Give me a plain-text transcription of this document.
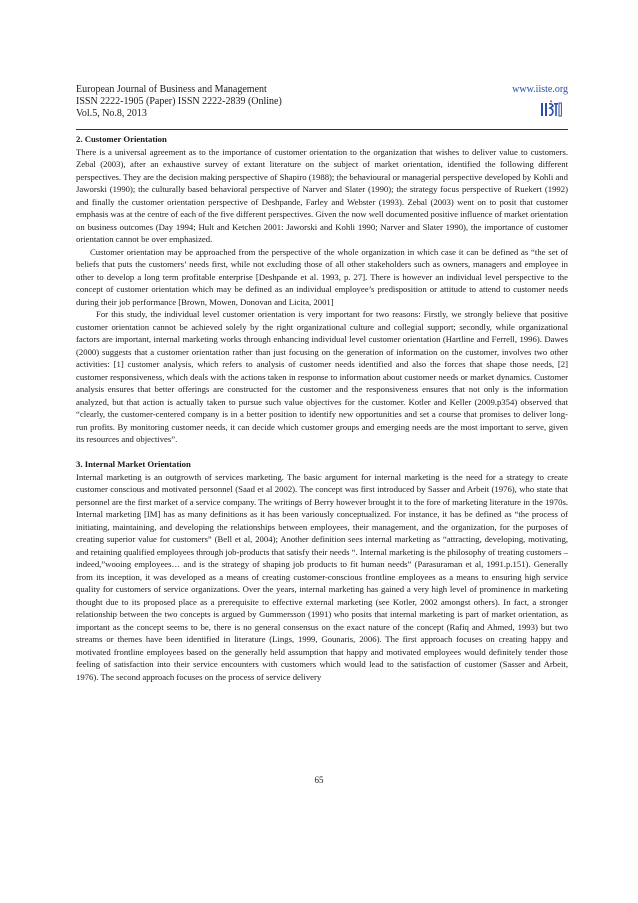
European Journal of Business and Management
ISSN 2222-1905 (Paper) ISSN 2222-2839 (Online)
Vol.5, No.8, 2013
www.iiste.org
2. Customer Orientation

There is a universal agreement as to the importance of customer orientation to the organization that wishes to deliver value to customers. Zebal (2003), after an exhaustive survey of extant literature on the subject of market orientation, identified the following different perspectives. They are the decision making perspective of Shapiro (1988); the behavioural or managerial perspective developed by Kohli and Jaworski (1990); the culturally based behavioral perspective of Narver and Slater (1990); the strategy focus perspective of Ruekert (1992) and finally the customer orientation perspective of Deshpande, Farley and Webster (1993). Zebal (2003) went on to posit that customer emphasis was at the centre of each of the five different perspectives. Given the now well documented positive influence of market orientation on business outcomes (Day 1994; Hult and Ketchen 2001: Jaworski and Kohli 1990; Narver and Slater 1990), the importance of customer orientation cannot be over emphasized.

Customer orientation may be approached from the perspective of the whole organization in which case it can be defined as “the set of beliefs that puts the customers’ needs first, while not excluding those of all other stakeholders such as owners, managers and employee in other to develop a long term profitable enterprise [Deshpande et al. 1993, p. 27]. There is however an individual level perspective to the concept of customer orientation which may be defined as an individual employee’s predisposition or attitude to attend to customer needs during their job performance [Brown, Mowen, Donovan and Licita, 2001]

For this study, the individual level customer orientation is very important for two reasons: Firstly, we strongly believe that positive customer orientation cannot be achieved solely by the right organizational culture and collegial support; secondly, while organizational factors are important, internal marketing works through enhancing individual level customer orientation (Hartline and Ferrell, 1996). Dawes (2000) suggests that a customer orientation rather than just focusing on the generation of information on the customer, involves two other activities: [1] customer analysis, which refers to analysis of customer needs identified and also the forces that shape those needs, [2] customer responsiveness, which deals with the actions taken in response to information about customer needs or market dynamics. Customer analysis ensures that better offerings are constructed for the customer and the responsiveness ensures that not only is the information analyzed, but that action is actually taken to pursue such value objectives for the customer. Kotler and Keller (2009.p354) observed that “clearly, the customer-centered company is in a better position to identify new opportunities and set a course that promises to deliver long-run profits. By monitoring customer needs, it can decide which customer groups and emerging needs are the most important to serve, given its resources and objectives”.

3. Internal Market Orientation

Internal marketing is an outgrowth of services marketing. The basic argument for internal marketing is the need for a strategy to create customer conscious and motivated personnel (Saad et al 2002). The concept was first introduced by Sasser and Arbeit (1976), who state that personnel are the first market of a service company. The writings of Berry however brought it to the fore of marketing literature in the 1970s. Internal marketing [IM] has as many definitions as it has been variously conceptualized. For instance, it has be defined as “the process of initiating, maintaining, and developing the relationships between employees, their management, and the organization, for the purposes of creating superior value for customers” (Bell et al, 2004); Another definition sees internal marketing as “attracting, developing, motivating, and retaining qualified employees through job-products that satisfy their needs “. Internal marketing is the philosophy of treating customers – indeed,”wooing employees… and is the strategy of shaping job products to fit human needs” (Parasuraman et al, 1991.p.151). Generally from its inception, it was developed as a means of creating customer-conscious frontline employees as a means to ensuring high service quality for customers of service organizations. Over the years, internal marketing has gained a very high level of prominence in marketing thought due to its proposed place as a prerequisite to effective external marketing (see Kotler, 2002 amongst others). In fact, a stronger relationship between the two concepts is argued by Gummersson (1991) who posits that internal marketing is part of market orientation, as important as the concept seems to be, there is no general consensus on the exact nature of the concept (Rafiq and Ahmed, 1993) but two streams or themes have been identified in literature (Lings, 1999, Gounaris, 2006). The first approach focuses on creating happy and motivated frontline employees based on the generally held assumption that happy and motivated employees would definitely tender those feeling of satisfaction into their service encounters with customers which would lead to the satisfaction of customer (Sasser and Arbeit, 1976). The second approach focuses on the process of service delivery

65
